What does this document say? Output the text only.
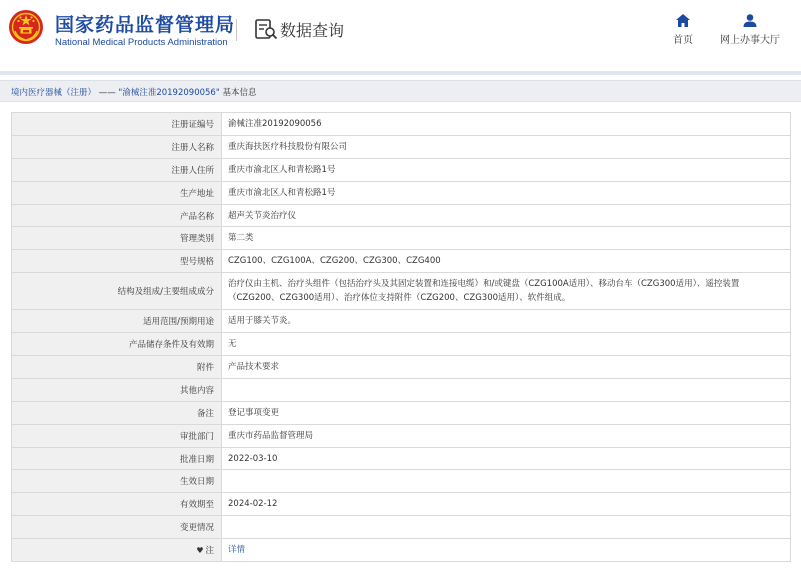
国家药品监督管理局
National Medical Products Administration
数据查询
首页	网上办事大厅
境内医疗器械（注册） —— "渝械注准20192090056" 基本信息
注册证编号	渝械注准20192090056
注册人名称	重庆海扶医疗科技股份有限公司
注册人住所	重庆市渝北区人和青松路1号
生产地址	重庆市渝北区人和青松路1号
产品名称	超声关节炎治疗仪
管理类别	第二类
型号规格	CZG100、CZG100A、CZG200、CZG300、CZG400
结构及组成/主要组成成分	治疗仪由主机、治疗头组件（包括治疗头及其固定装置和连接电缆）和/或键盘（CZG100A适用）、移动台车（CZG300适用）、遥控装置（CZG200、CZG300适用）、治疗体位支持附件（CZG200、CZG300适用）、软件组成。
适用范围/预期用途	适用于膝关节炎。
产品储存条件及有效期	无
附件	产品技术要求
其他内容	
备注	登记事项变更
审批部门	重庆市药品监督管理局
批准日期	2022-03-10
生效日期	
有效期至	2024-02-12
变更情况	
♥ 注	详情
